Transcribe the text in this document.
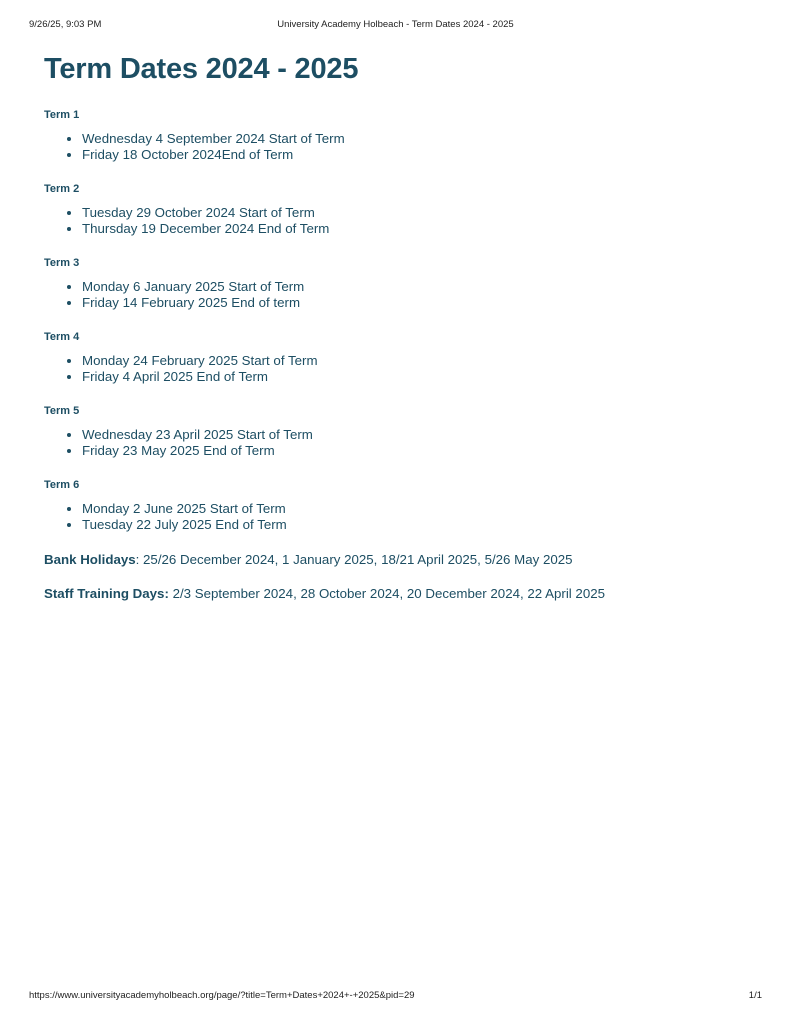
9/26/25, 9:03 PM	University Academy Holbeach - Term Dates 2024 - 2025
Term Dates 2024 - 2025

Term 1

• Wednesday 4 September 2024 Start of Term
• Friday 18 October 2024End of Term

Term 2

• Tuesday 29 October 2024 Start of Term
• Thursday 19 December 2024 End of Term

Term 3

• Monday 6 January 2025 Start of Term
• Friday 14 February 2025 End of term

Term 4

• Monday 24 February 2025 Start of Term
• Friday 4 April 2025 End of Term

Term 5

• Wednesday 23 April 2025 Start of Term
• Friday 23 May 2025 End of Term

Term 6

• Monday 2 June 2025 Start of Term
• Tuesday 22 July 2025 End of Term

Bank Holidays: 25/26 December 2024, 1 January 2025, 18/21 April 2025, 5/26 May 2025

Staff Training Days: 2/3 September 2024, 28 October 2024, 20 December 2024, 22 April 2025

https://www.universityacademyholbeach.org/page/?title=Term+Dates+2024+-+2025&pid=29	1/1
